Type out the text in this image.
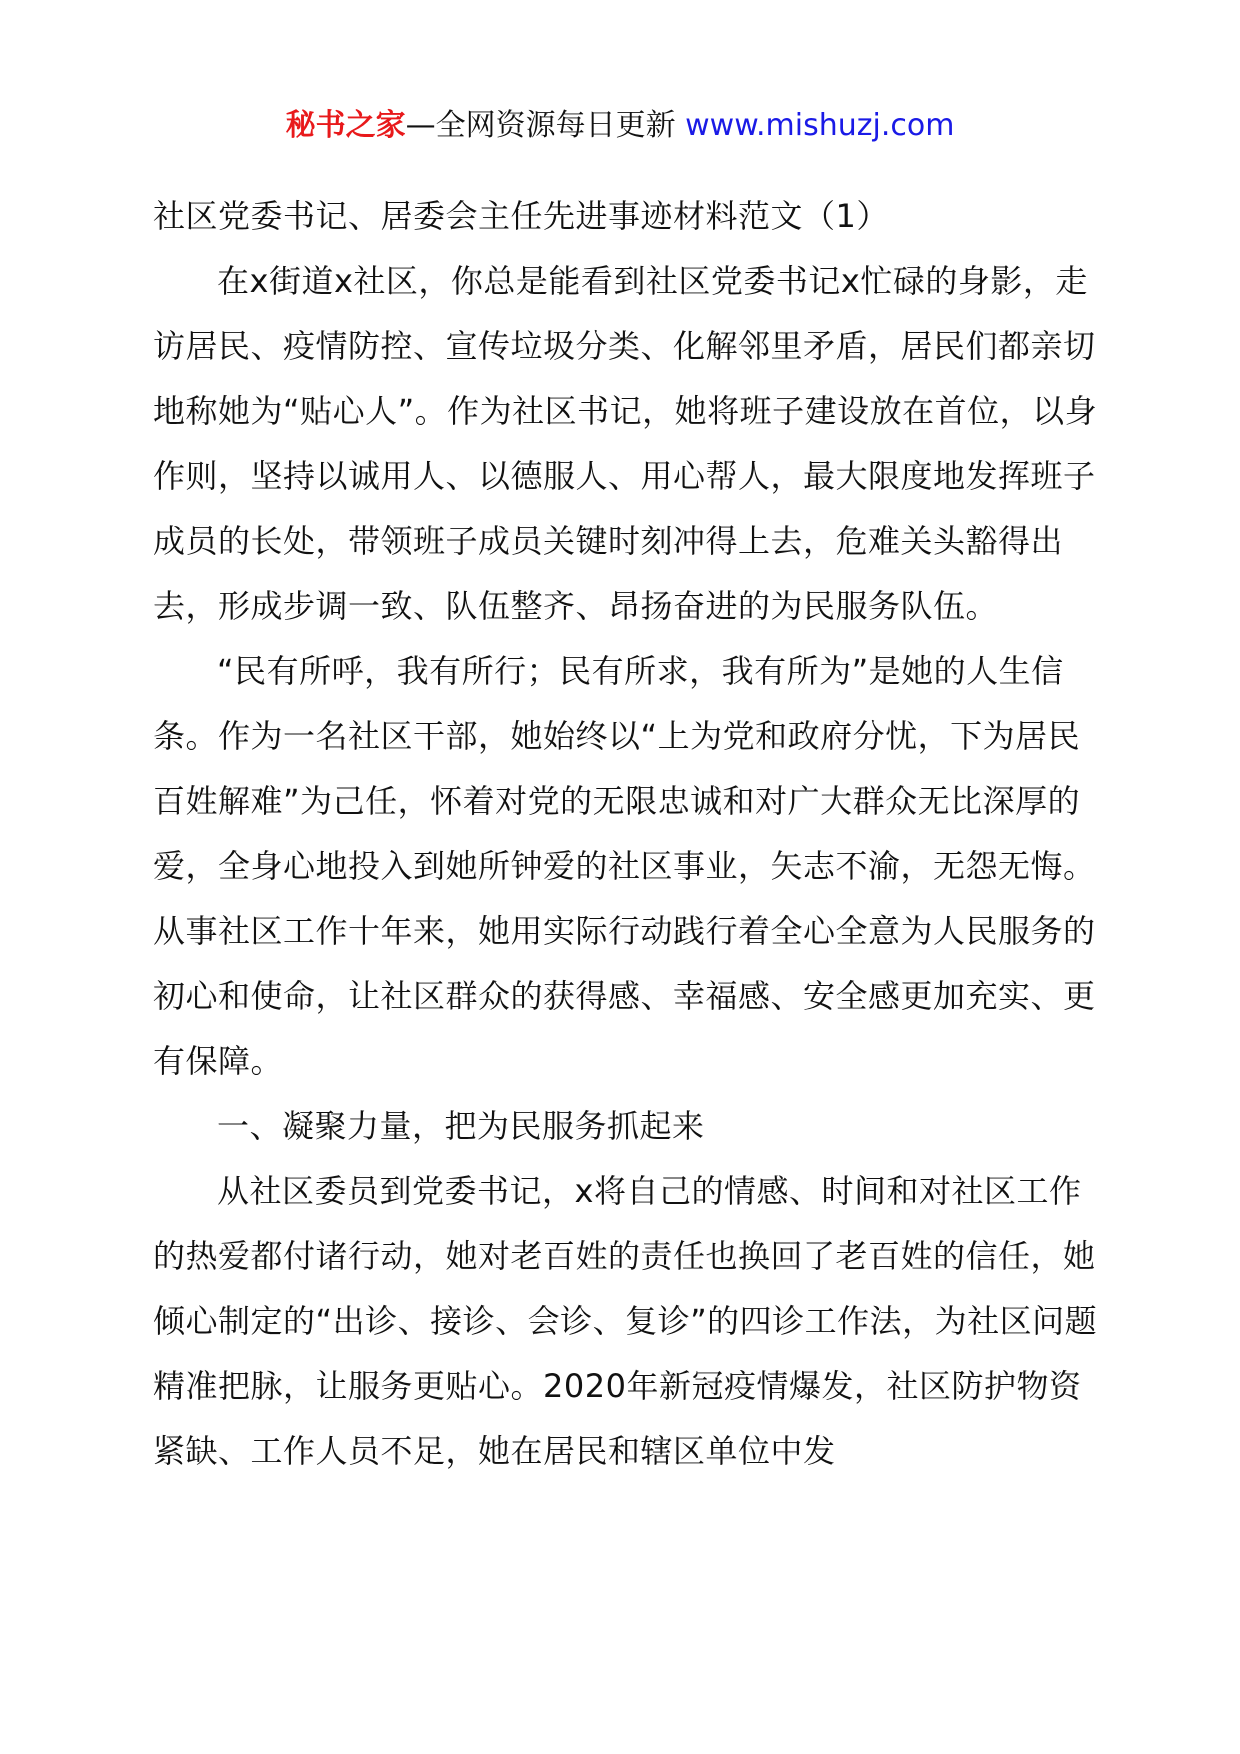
秘书之家—全网资源每日更新 www.mishuzj.com

社区党委书记、居委会主任先进事迹材料范文（1）

在x街道x社区，你总是能看到社区党委书记x忙碌的身影，走访居民、疫情防控、宣传垃圾分类、化解邻里矛盾，居民们都亲切地称她为“贴心人”。作为社区书记，她将班子建设放在首位，以身作则，坚持以诚用人、以德服人、用心帮人，最大限度地发挥班子成员的长处，带领班子成员关键时刻冲得上去，危难关头豁得出去，形成步调一致、队伍整齐、昂扬奋进的为民服务队伍。

“民有所呼，我有所行；民有所求，我有所为”是她的人生信条。作为一名社区干部，她始终以“上为党和政府分忧，下为居民百姓解难”为己任，怀着对党的无限忠诚和对广大群众无比深厚的爱，全身心地投入到她所钟爱的社区事业，矢志不渝，无怨无悔。从事社区工作十年来，她用实际行动践行着全心全意为人民服务的初心和使命，让社区群众的获得感、幸福感、安全感更加充实、更有保障。

一、凝聚力量，把为民服务抓起来

从社区委员到党委书记，x将自己的情感、时间和对社区工作的热爱都付诸行动，她对老百姓的责任也换回了老百姓的信任，她倾心制定的“出诊、接诊、会诊、复诊”的四诊工作法，为社区问题精准把脉，让服务更贴心。2020年新冠疫情爆发，社区防护物资紧缺、工作人员不足，她在居民和辖区单位中发
